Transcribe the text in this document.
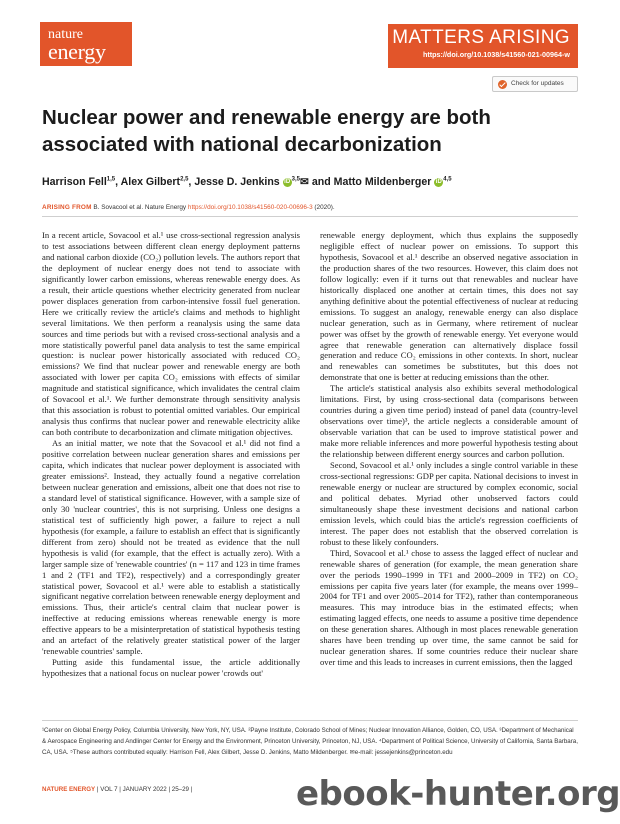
nature
energy
MATTERS ARISING
https://doi.org/10.1038/s41560-021-00964-w
Check for updates
Nuclear power and renewable energy are both associated with national decarbonization
Harrison Fell$^{1,5}$, Alex Gilbert$^{2,5}$, Jesse D. Jenkins iD $^{3,5}$✉ and Matto Mildenberger iD $^{4,5}$
ARISING FROM B. Sovacool et al. Nature Energy https://doi.org/10.1038/s41560-020-00696-3 (2020).

In a recent article, Sovacool et al.¹ use cross-sectional regression analysis to test associations between different clean energy deployment patterns and national carbon dioxide (CO₂) pollution levels. The authors report that the deployment of nuclear energy does not tend to associate with significantly lower carbon emissions, whereas renewable energy does. As a result, their article questions whether electricity generated from nuclear power displaces generation from carbon-intensive fossil fuel generation. Here we critically review the article's claims and methods to highlight several limitations. We then perform a reanalysis using the same data sources and time periods but with a revised cross-sectional analysis and a more statistically powerful panel data analysis to test the same empirical question: is nuclear power historically associated with reduced CO₂ emissions? We find that nuclear power and renewable energy are both associated with lower per capita CO₂ emissions with effects of similar magnitude and statistical significance, which invalidates the central claim of Sovacool et al.¹. We further demonstrate through sensitivity analysis that this association is robust to potential omitted variables. Our empirical analysis thus confirms that nuclear power and renewable electricity alike can both contribute to decarbonization and climate mitigation objectives.

As an initial matter, we note that the Sovacool et al.¹ did not find a positive correlation between nuclear generation shares and emissions per capita, which indicates that nuclear power deployment is associated with greater emissions². Instead, they actually found a negative correlation between nuclear generation and emissions, albeit one that does not rise to a standard level of statistical significance. However, with a sample size of only 30 'nuclear countries', this is not surprising. Unless one designs a statistical test of sufficiently high power, a failure to reject a null hypothesis (for example, a failure to establish an effect that is significantly different from zero) should not be treated as evidence that the null hypothesis is valid (for example, that the effect is actually zero). With a larger sample size of 'renewable countries' (n = 117 and 123 in time frames 1 and 2 (TF1 and TF2), respectively) and a correspondingly greater statistical power, Sovacool et al.¹ were able to establish a statistically significant negative correlation between renewable energy deployment and emissions. Thus, their article's central claim that nuclear power is ineffective at reducing emissions whereas renewable energy is more effective appears to be a misinterpretation of statistical hypothesis testing and an artefact of the relatively greater statistical power of the larger 'renewable countries' sample.

Putting aside this fundamental issue, the article additionally hypothesizes that a national focus on nuclear power 'crowds out'

renewable energy deployment, which thus explains the supposedly negligible effect of nuclear power on emissions. To support this hypothesis, Sovacool et al.¹ describe an observed negative association in the production shares of the two resources. However, this claim does not follow logically: even if it turns out that renewables and nuclear have historically displaced one another at certain times, this does not say anything definitive about the potential effectiveness of nuclear at reducing emissions. To suggest an analogy, renewable energy can also displace nuclear generation, such as in Germany, where retirement of nuclear power was offset by the growth of renewable energy. Yet everyone would agree that renewable generation can alternatively displace fossil generation and reduce CO₂ emissions in other contexts. In short, nuclear and renewables can sometimes be substitutes, but this does not demonstrate that one is better at reducing emissions than the other.

The article's statistical analysis also exhibits several methodological limitations. First, by using cross-sectional data (comparisons between countries during a given time period) instead of panel data (country-level observations over time)³, the article neglects a considerable amount of observable variation that can be used to improve statistical power and make more reliable inferences and more powerful hypothesis testing about the relationship between different energy sources and carbon pollution.

Second, Sovacool et al.¹ only includes a single control variable in these cross-sectional regressions: GDP per capita. National decisions to invest in renewable energy or nuclear are structured by complex economic, social and political debates. Myriad other unobserved factors could simultaneously shape these investment decisions and national carbon emission levels, which could bias the article's regression coefficients of interest. The paper does not establish that the observed correlation is robust to these likely confounders.

Third, Sovacool et al.¹ chose to assess the lagged effect of nuclear and renewable shares of generation (for example, the mean generation share over the periods 1990–1999 in TF1 and 2000–2009 in TF2) on CO₂ emissions per capita five years later (for example, the means over 1999–2004 for TF1 and over 2005–2014 for TF2), rather than contemporaneous measures. This may introduce bias in the estimated effects; when estimating lagged effects, one needs to assume a positive time dependence on these generation shares. Although in most places renewable generation shares have been trending up over time, the same cannot be said for nuclear generation shares. If some countries reduce their nuclear share over time and this leads to increases in current emissions, then the lagged

¹Center on Global Energy Policy, Columbia University, New York, NY, USA. ²Payne Institute, Colorado School of Mines; Nuclear Innovation Alliance, Golden, CO, USA. ³Department of Mechanical & Aerospace Engineering and Andlinger Center for Energy and the Environment, Princeton University, Princeton, NJ, USA. ⁴Department of Political Science, University of California, Santa Barbara, CA, USA. ⁵These authors contributed equally: Harrison Fell, Alex Gilbert, Jesse D. Jenkins, Matto Mildenberger. ✉e-mail: jessejenkins@princeton.edu
NATURE ENERGY | VOL 7 | JANUARY 2022 | 25–29 |	ebook-hunter.org
